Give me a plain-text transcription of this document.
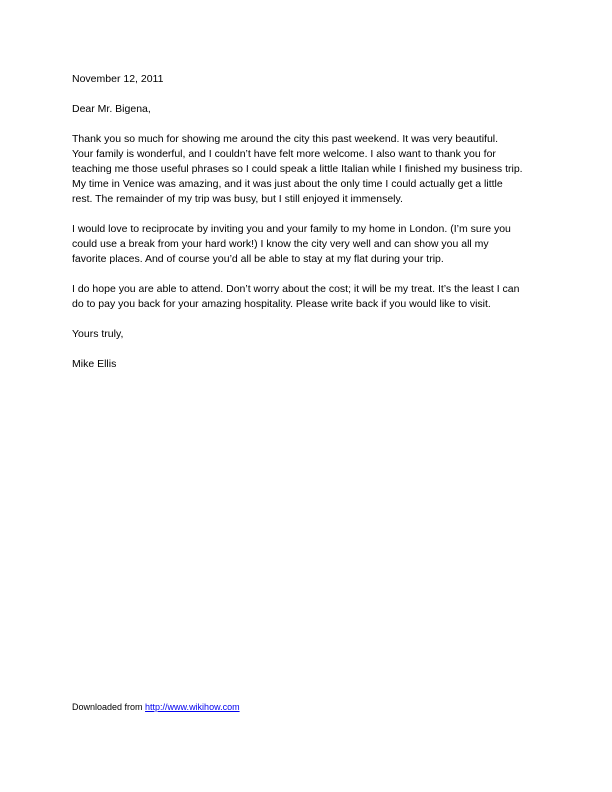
November 12, 2011

Dear Mr. Bigena,

Thank you so much for showing me around the city this past weekend. It was very beautiful.
Your family is wonderful, and I couldn’t have felt more welcome. I also want to thank you for
teaching me those useful phrases so I could speak a little Italian while I finished my business trip.
My time in Venice was amazing, and it was just about the only time I could actually get a little
rest. The remainder of my trip was busy, but I still enjoyed it immensely.
I would love to reciprocate by inviting you and your family to my home in London. (I’m sure you
could use a break from your hard work!) I know the city very well and can show you all my
favorite places. And of course you’d all be able to stay at my flat during your trip.
I do hope you are able to attend. Don’t worry about the cost; it will be my treat. It’s the least I can
do to pay you back for your amazing hospitality. Please write back if you would like to visit.

Yours truly,

Mike Ellis

Downloaded from http://www.wikihow.com
